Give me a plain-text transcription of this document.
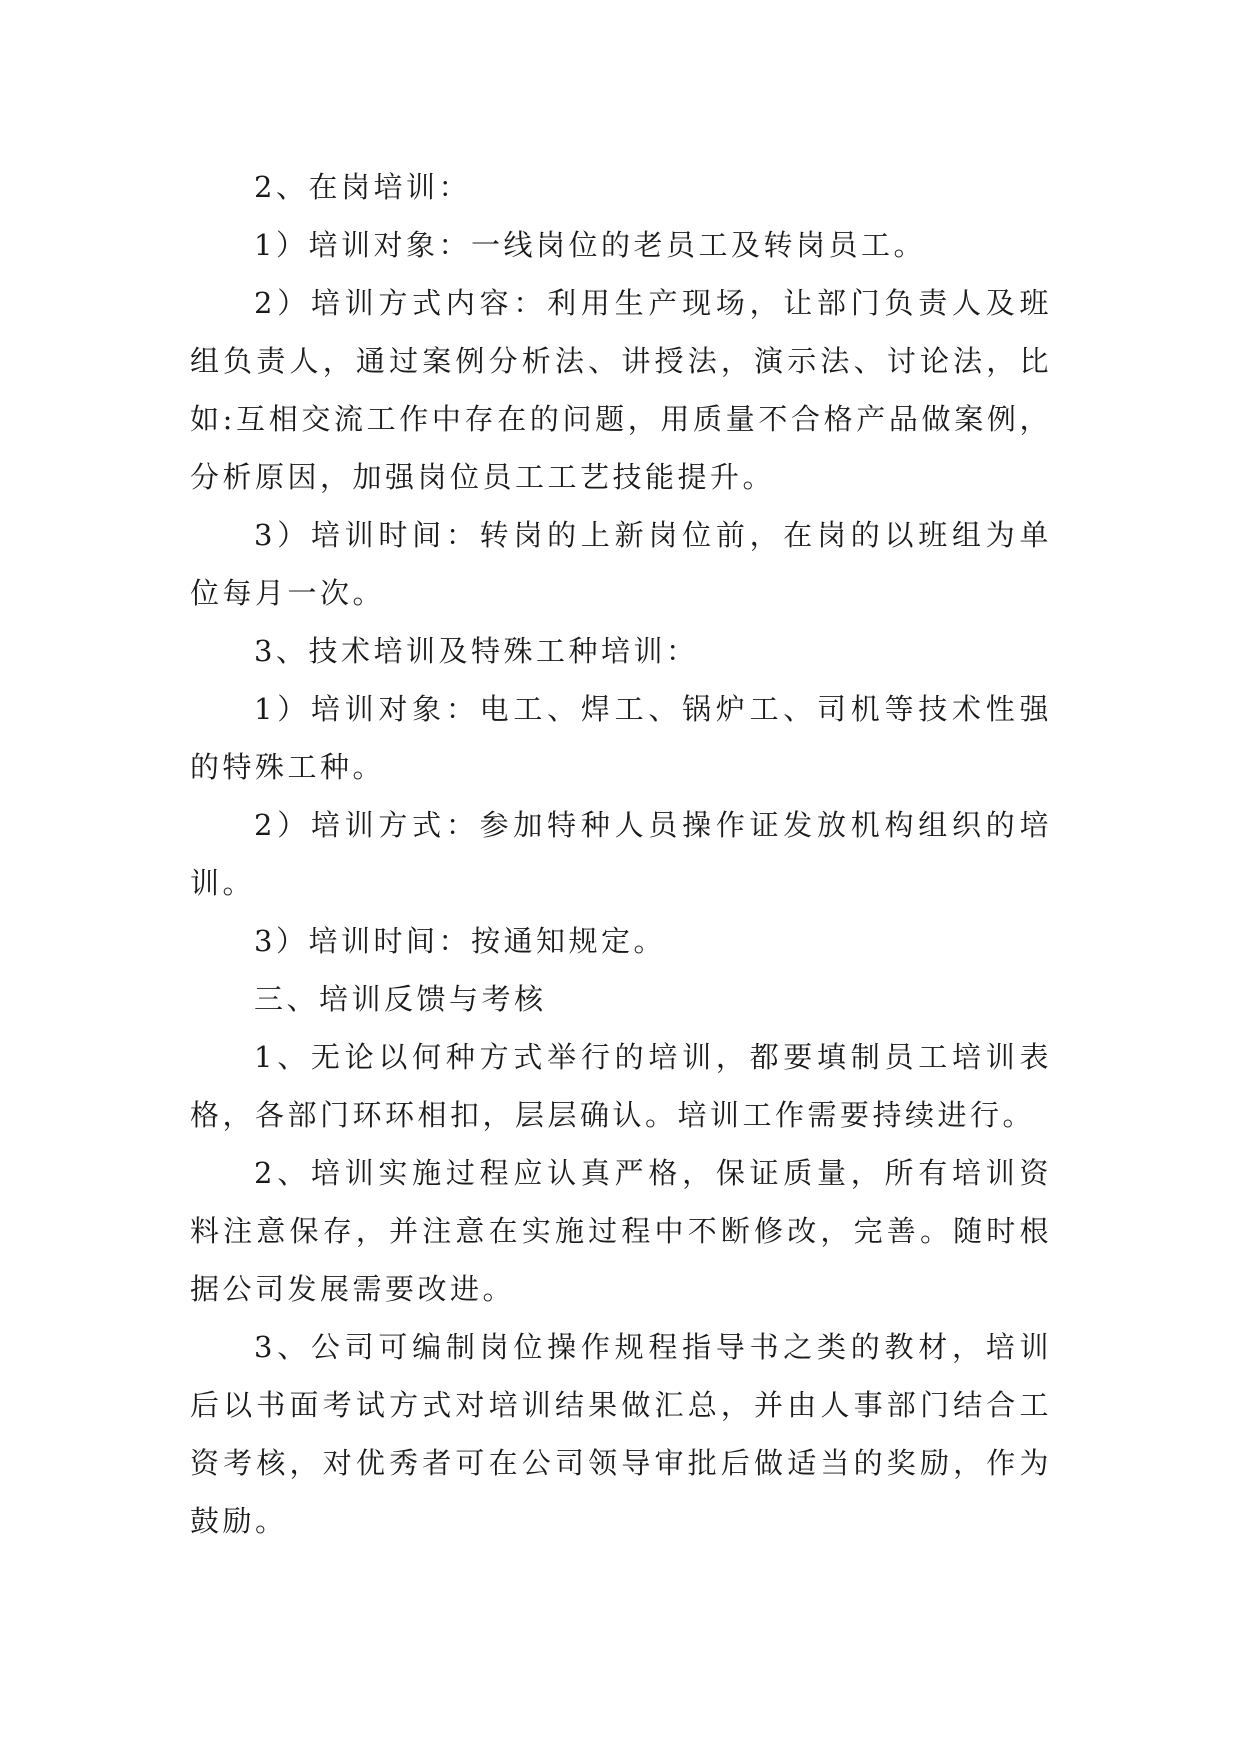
2、在岗培训：

1）培训对象：一线岗位的老员工及转岗员工。

2）培训方式内容：利用生产现场，让部门负责人及班组负责人，通过案例分析法、讲授法，演示法、讨论法，比如:互相交流工作中存在的问题，用质量不合格产品做案例，分析原因，加强岗位员工工艺技能提升。

3）培训时间：转岗的上新岗位前，在岗的以班组为单位每月一次。

3、技术培训及特殊工种培训：

1）培训对象：电工、焊工、锅炉工、司机等技术性强的特殊工种。

2）培训方式：参加特种人员操作证发放机构组织的培训。

3）培训时间：按通知规定。

三、培训反馈与考核

1、无论以何种方式举行的培训，都要填制员工培训表格，各部门环环相扣，层层确认。培训工作需要持续进行。

2、培训实施过程应认真严格，保证质量，所有培训资料注意保存，并注意在实施过程中不断修改，完善。随时根据公司发展需要改进。

3、公司可编制岗位操作规程指导书之类的教材，培训后以书面考试方式对培训结果做汇总，并由人事部门结合工资考核，对优秀者可在公司领导审批后做适当的奖励，作为鼓励。
